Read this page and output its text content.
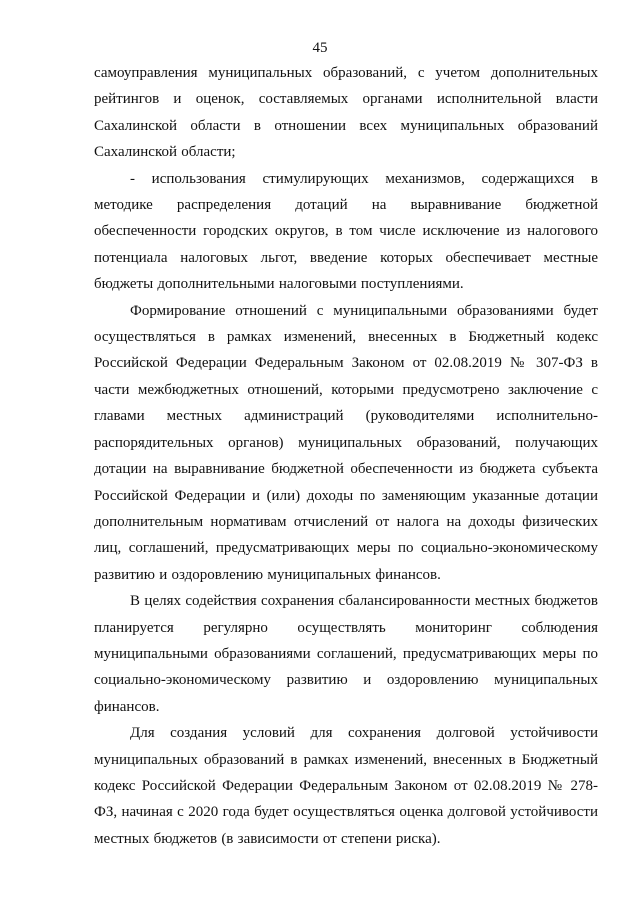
45

самоуправления муниципальных образований, с учетом дополнительных рейтингов и оценок, составляемых органами исполнительной власти Сахалинской области в отношении всех муниципальных образований Сахалинской области;

- использования стимулирующих механизмов, содержащихся в методике распределения дотаций на выравнивание бюджетной обеспеченности городских округов, в том числе исключение из налогового потенциала налоговых льгот, введение которых обеспечивает местные бюджеты дополнительными налоговыми поступлениями.

Формирование отношений с муниципальными образованиями будет осуществляться в рамках изменений, внесенных в Бюджетный кодекс Российской Федерации Федеральным Законом от 02.08.2019 № 307-ФЗ в части межбюджетных отношений, которыми предусмотрено заключение с главами местных администраций (руководителями исполнительно-распорядительных органов) муниципальных образований, получающих дотации на выравнивание бюджетной обеспеченности из бюджета субъекта Российской Федерации и (или) доходы по заменяющим указанные дотации дополнительным нормативам отчислений от налога на доходы физических лиц, соглашений, предусматривающих меры по социально-экономическому развитию и оздоровлению муниципальных финансов.

В целях содействия сохранения сбалансированности местных бюджетов планируется регулярно осуществлять мониторинг соблюдения муниципальными образованиями соглашений, предусматривающих меры по социально-экономическому развитию и оздоровлению муниципальных финансов.

Для создания условий для сохранения долговой устойчивости муниципальных образований в рамках изменений, внесенных в Бюджетный кодекс Российской Федерации Федеральным Законом от 02.08.2019 № 278-ФЗ, начиная с 2020 года будет осуществляться оценка долговой устойчивости местных бюджетов (в зависимости от степени риска).
